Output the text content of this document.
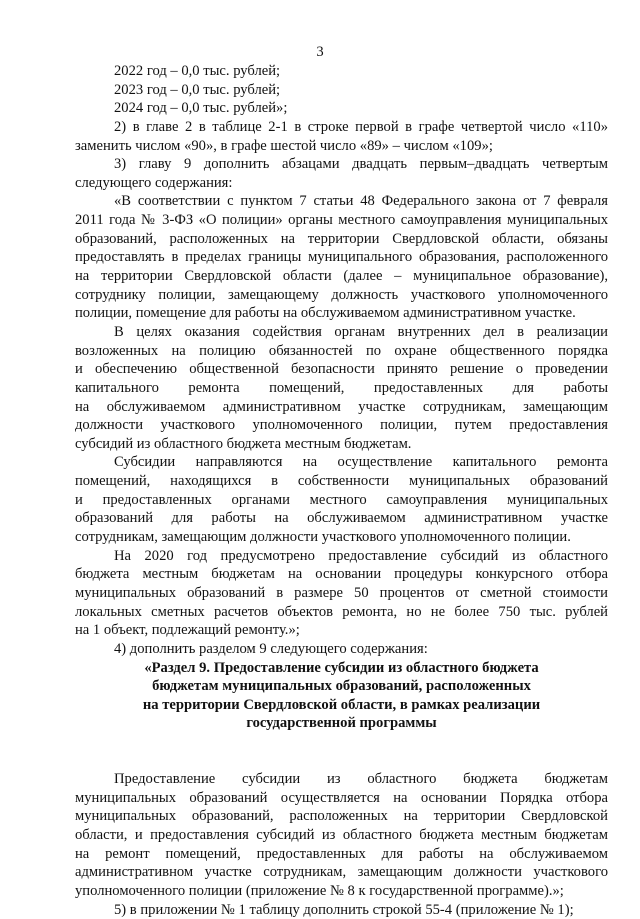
3
2022 год – 0,0 тыс. рублей;
2023 год – 0,0 тыс. рублей;
2024 год – 0,0 тыс. рублей»;
2) в главе 2 в таблице 2-1 в строке первой в графе четвертой число «110»
заменить числом «90», в графе шестой число «89» – числом «109»;
3) главу 9 дополнить абзацами двадцать первым–двадцать четвертым
следующего содержания:
«В соответствии с пунктом 7 статьи 48 Федерального закона от 7 февраля
2011 года № 3-ФЗ «О полиции» органы местного самоуправления муниципальных
образований, расположенных на территории Свердловской области, обязаны
предоставлять в пределах границы муниципального образования, расположенного
на территории Свердловской области (далее – муниципальное образование),
сотруднику полиции, замещающему должность участкового уполномоченного
полиции, помещение для работы на обслуживаемом административном участке.
В целях оказания содействия органам внутренних дел в реализации
возложенных на полицию обязанностей по охране общественного порядка
и обеспечению общественной безопасности принято решение о проведении
капитального ремонта помещений, предоставленных для работы
на обслуживаемом административном участке сотрудникам, замещающим
должности участкового уполномоченного полиции, путем предоставления
субсидий из областного бюджета местным бюджетам.
Субсидии направляются на осуществление капитального ремонта
помещений, находящихся в собственности муниципальных образований
и предоставленных органами местного самоуправления муниципальных
образований для работы на обслуживаемом административном участке
сотрудникам, замещающим должности участкового уполномоченного полиции.
На 2020 год предусмотрено предоставление субсидий из областного
бюджета местным бюджетам на основании процедуры конкурсного отбора
муниципальных образований в размере 50 процентов от сметной стоимости
локальных сметных расчетов объектов ремонта, но не более 750 тыс. рублей
на 1 объект, подлежащий ремонту.»;
4) дополнить разделом 9 следующего содержания:
«Раздел 9. Предоставление субсидии из областного бюджета
бюджетам муниципальных образований, расположенных
на территории Свердловской области, в рамках реализации
государственной программы
Предоставление субсидии из областного бюджета бюджетам
муниципальных образований осуществляется на основании Порядка отбора
муниципальных образований, расположенных на территории Свердловской
области, и предоставления субсидий из областного бюджета местным бюджетам
на ремонт помещений, предоставленных для работы на обслуживаемом
административном участке сотрудникам, замещающим должности участкового
уполномоченного полиции (приложение № 8 к государственной программе).»;
5) в приложении № 1 таблицу дополнить строкой 55-4 (приложение № 1);
